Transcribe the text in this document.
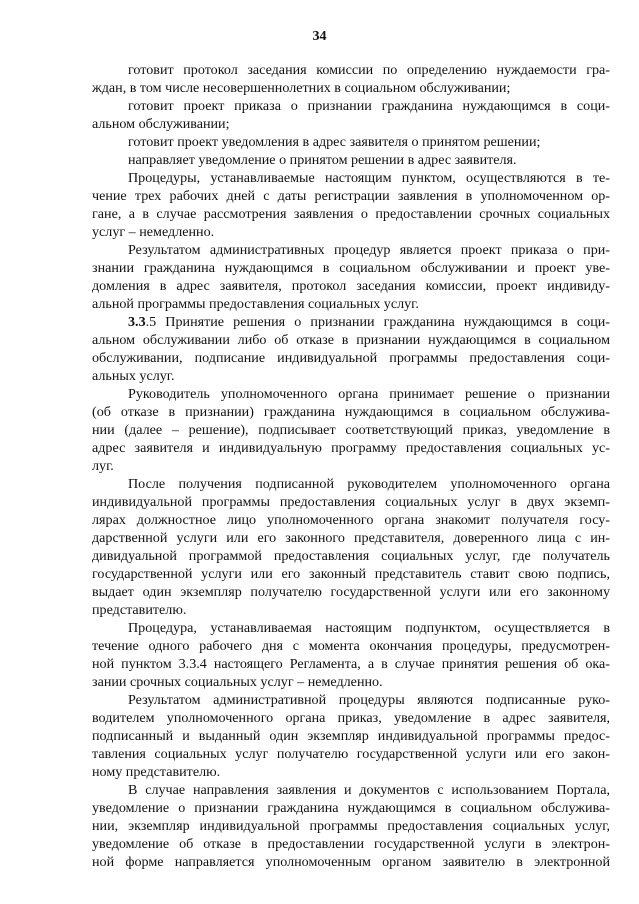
34
готовит протокол заседания комиссии по определению нуждаемости гра-
ждан, в том числе несовершеннолетних в социальном обслуживании;
готовит проект приказа о признании гражданина нуждающимся в соци-
альном обслуживании;
готовит проект уведомления в адрес заявителя о принятом решении;
направляет уведомление о принятом решении в адрес заявителя.
Процедуры, устанавливаемые настоящим пунктом, осуществляются в те-
чение трех рабочих дней с даты регистрации заявления в уполномоченном ор-
гане, а в случае рассмотрения заявления о предоставлении срочных социальных
услуг – немедленно.
Результатом административных процедур является проект приказа о при-
знании гражданина нуждающимся в социальном обслуживании и проект уве-
домления в адрес заявителя, протокол заседания комиссии, проект индивиду-
альной программы предоставления социальных услуг.
3.3.5 Принятие решения о признании гражданина нуждающимся в соци-
альном обслуживании либо об отказе в признании нуждающимся в социальном
обслуживании, подписание индивидуальной программы предоставления соци-
альных услуг.
Руководитель уполномоченного органа принимает решение о признании
(об отказе в признании) гражданина нуждающимся в социальном обслужива-
нии (далее – решение), подписывает соответствующий приказ, уведомление в
адрес заявителя и индивидуальную программу предоставления социальных ус-
луг.
После получения подписанной руководителем уполномоченного органа
индивидуальной программы предоставления социальных услуг в двух экземп-
лярах должностное лицо уполномоченного органа знакомит получателя госу-
дарственной услуги или его законного представителя, доверенного лица с ин-
дивидуальной программой предоставления социальных услуг, где получатель
государственной услуги или его законный представитель ставит свою подпись,
выдает один экземпляр получателю государственной услуги или его законному
представителю.
Процедура, устанавливаемая настоящим подпунктом, осуществляется в
течение одного рабочего дня с момента окончания процедуры, предусмотрен-
ной пунктом 3.3.4 настоящего Регламента, а в случае принятия решения об ока-
зании срочных социальных услуг – немедленно.
Результатом административной процедуры являются подписанные руко-
водителем уполномоченного органа приказ, уведомление в адрес заявителя,
подписанный и выданный один экземпляр индивидуальной программы предос-
тавления социальных услуг получателю государственной услуги или его закон-
ному представителю.
В случае направления заявления и документов с использованием Портала,
уведомление о признании гражданина нуждающимся в социальном обслужива-
нии, экземпляр индивидуальной программы предоставления социальных услуг,
уведомление об отказе в предоставлении государственной услуги в электрон-
ной форме направляется уполномоченным органом заявителю в электронной
